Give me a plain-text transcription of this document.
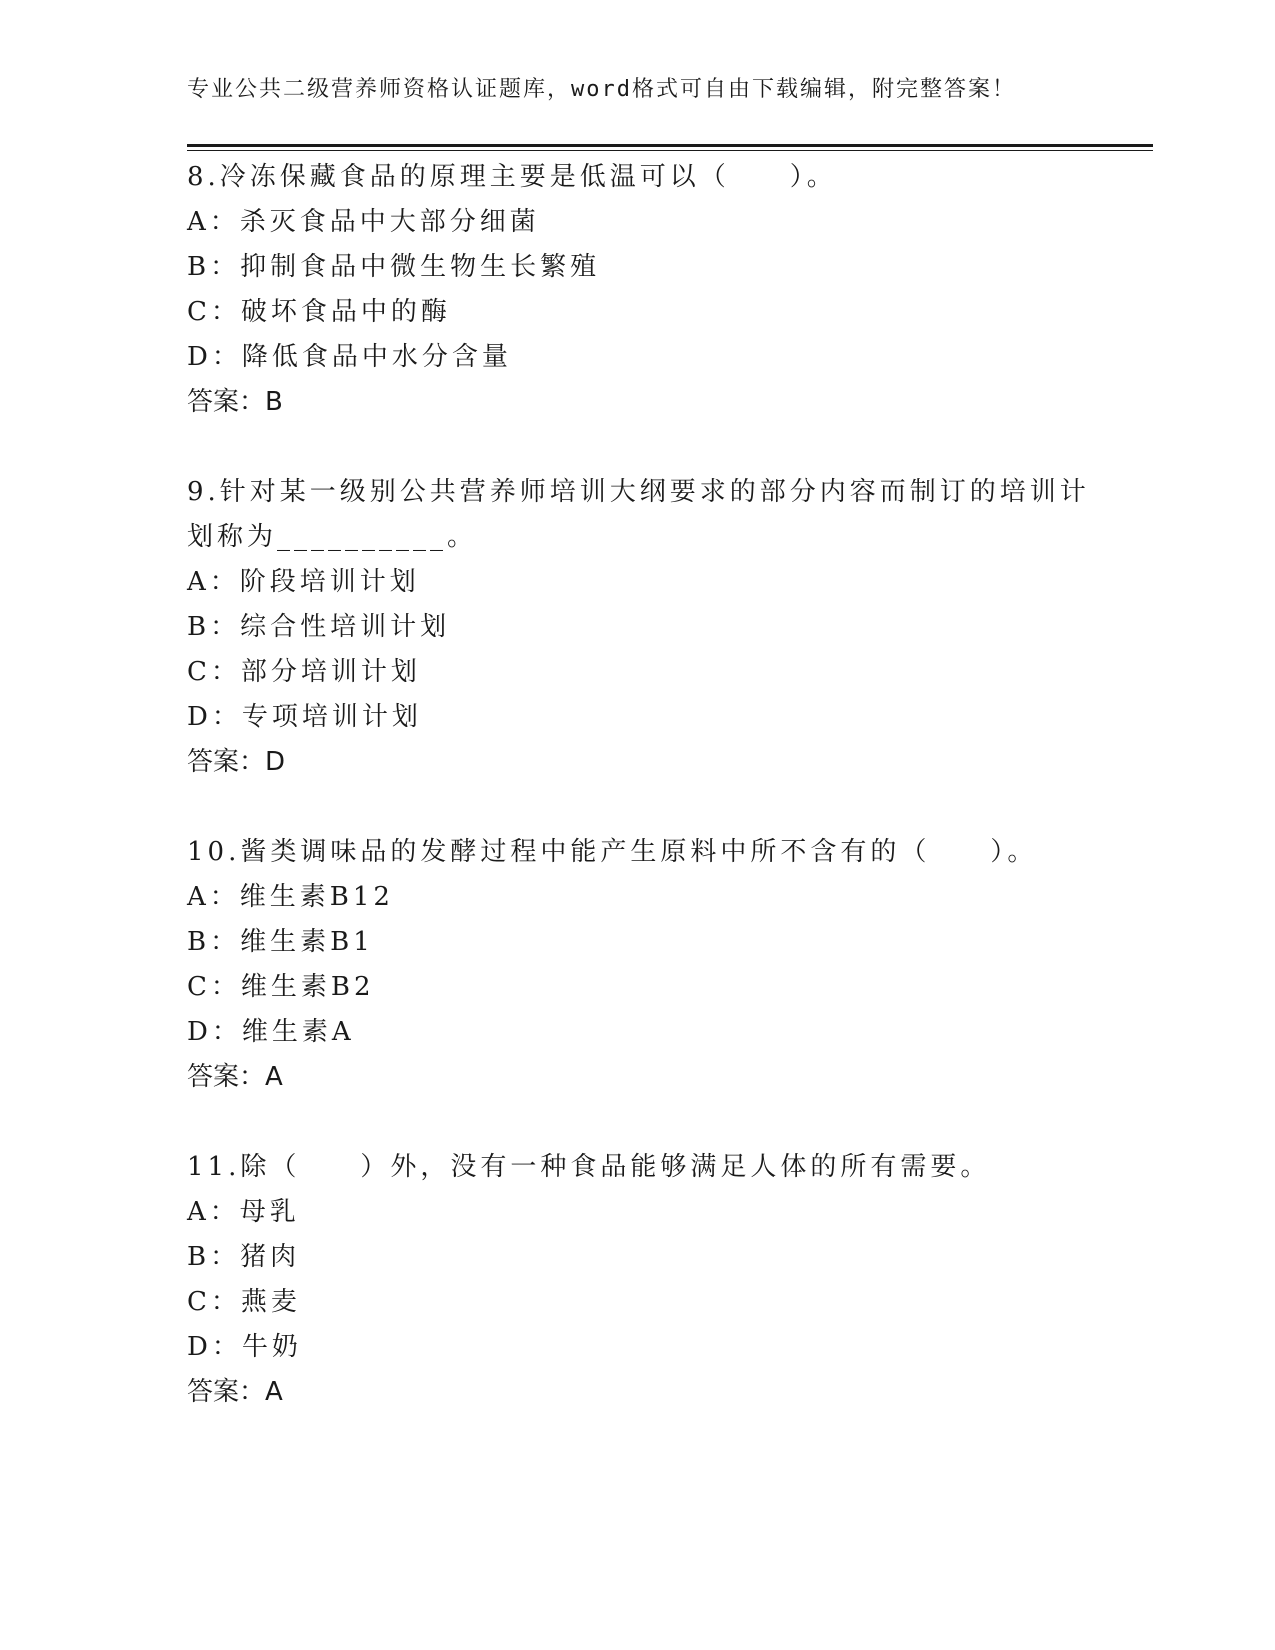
专业公共二级营养师资格认证题库，word格式可自由下载编辑，附完整答案！
8.冷冻保藏食品的原理主要是低温可以（　　）。
A：杀灭食品中大部分细菌
B：抑制食品中微生物生长繁殖
C：破坏食品中的酶
D：降低食品中水分含量
答案：B
9.针对某一级别公共营养师培训大纲要求的部分内容而制订的培训计
划称为__________。
A：阶段培训计划
B：综合性培训计划
C：部分培训计划
D：专项培训计划
答案：D
10.酱类调味品的发酵过程中能产生原料中所不含有的（　　）。
A：维生素B12
B：维生素B1
C：维生素B2
D：维生素A
答案：A
11.除（　　）外，没有一种食品能够满足人体的所有需要。
A：母乳
B：猪肉
C：燕麦
D：牛奶
答案：A
